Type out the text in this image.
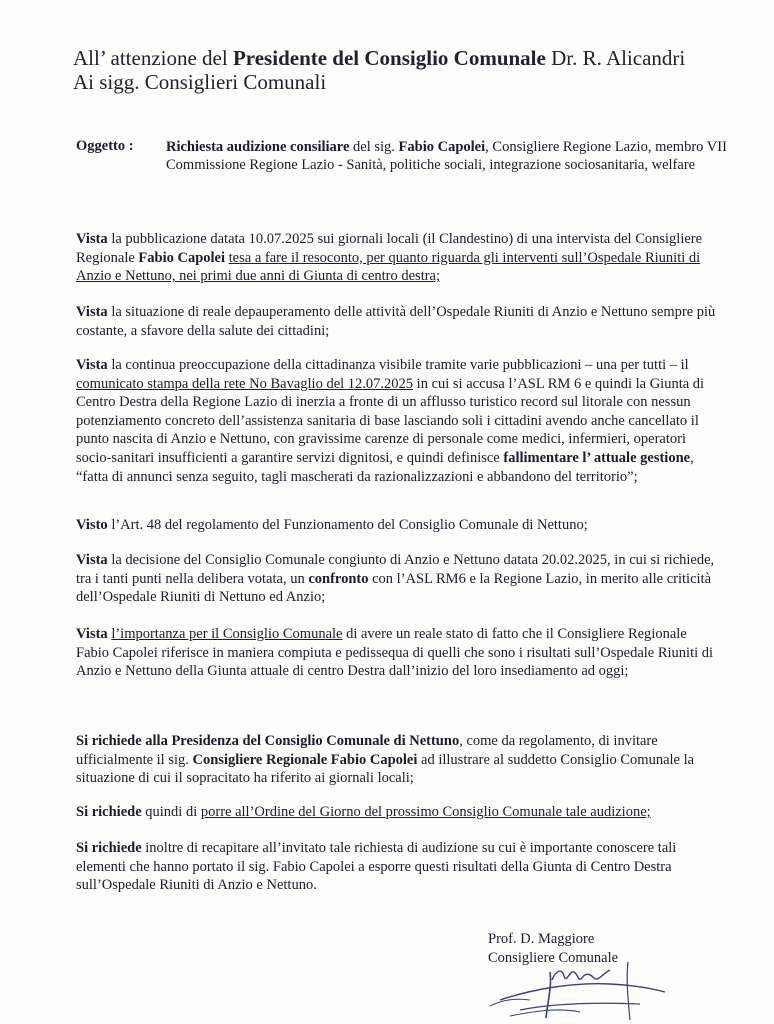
All’ attenzione del Presidente del Consiglio Comunale Dr. R. Alicandri
Ai sigg. Consiglieri Comunali
Oggetto : Richiesta audizione consiliare del sig. Fabio Capolei, Consigliere Regione Lazio, membro VII Commissione Regione Lazio - Sanità, politiche sociali, integrazione sociosanitaria, welfare
Vista la pubblicazione datata 10.07.2025 sui giornali locali (il Clandestino) di una intervista del Consigliere Regionale Fabio Capolei tesa a fare il resoconto, per quanto riguarda gli interventi sull’Ospedale Riuniti di Anzio e Nettuno, nei primi due anni di Giunta di centro destra;
Vista la situazione di reale depauperamento delle attività dell’Ospedale Riuniti di Anzio e Nettuno sempre più costante, a sfavore della salute dei cittadini;
Vista la continua preoccupazione della cittadinanza visibile tramite varie pubblicazioni – una per tutti – il comunicato stampa della rete No Bavaglio del 12.07.2025 in cui si accusa l’ASL RM 6 e quindi la Giunta di Centro Destra della Regione Lazio di inerzia a fronte di un afflusso turistico record sul litorale con nessun potenziamento concreto dell’assistenza sanitaria di base lasciando soli i cittadini avendo anche cancellato il punto nascita di Anzio e Nettuno, con gravissime carenze di personale come medici, infermieri, operatori socio-sanitari insufficienti a garantire servizi dignitosi, e quindi definisce fallimentare l’ attuale gestione, “fatta di annunci senza seguito, tagli mascherati da razionalizzazioni e abbandono del territorio”;
Visto l’Art. 48 del regolamento del Funzionamento del Consiglio Comunale di Nettuno;
Vista la decisione del Consiglio Comunale congiunto di Anzio e Nettuno datata 20.02.2025, in cui si richiede, tra i tanti punti nella delibera votata, un confronto con l’ASL RM6 e la Regione Lazio, in merito alle criticità dell’Ospedale Riuniti di Nettuno ed Anzio;
Vista l’importanza per il Consiglio Comunale di avere un reale stato di fatto che il Consigliere Regionale Fabio Capolei riferisce in maniera compiuta e pedissequa di quelli che sono i risultati sull’Ospedale Riuniti di Anzio e Nettuno della Giunta attuale di centro Destra dall’inizio del loro insediamento ad oggi;
Si richiede alla Presidenza del Consiglio Comunale di Nettuno, come da regolamento, di invitare ufficialmente il sig. Consigliere Regionale Fabio Capolei ad illustrare al suddetto Consiglio Comunale la situazione di cui il sopracitato ha riferito ai giornali locali;
Si richiede quindi di porre all’Ordine del Giorno del prossimo Consiglio Comunale tale audizione;
Si richiede inoltre di recapitare all’invitato tale richiesta di audizione su cui è importante conoscere tali elementi che hanno portato il sig. Fabio Capolei a esporre questi risultati della Giunta di Centro Destra sull’Ospedale Riuniti di Anzio e Nettuno.
Prof. D. Maggiore
Consigliere Comunale
